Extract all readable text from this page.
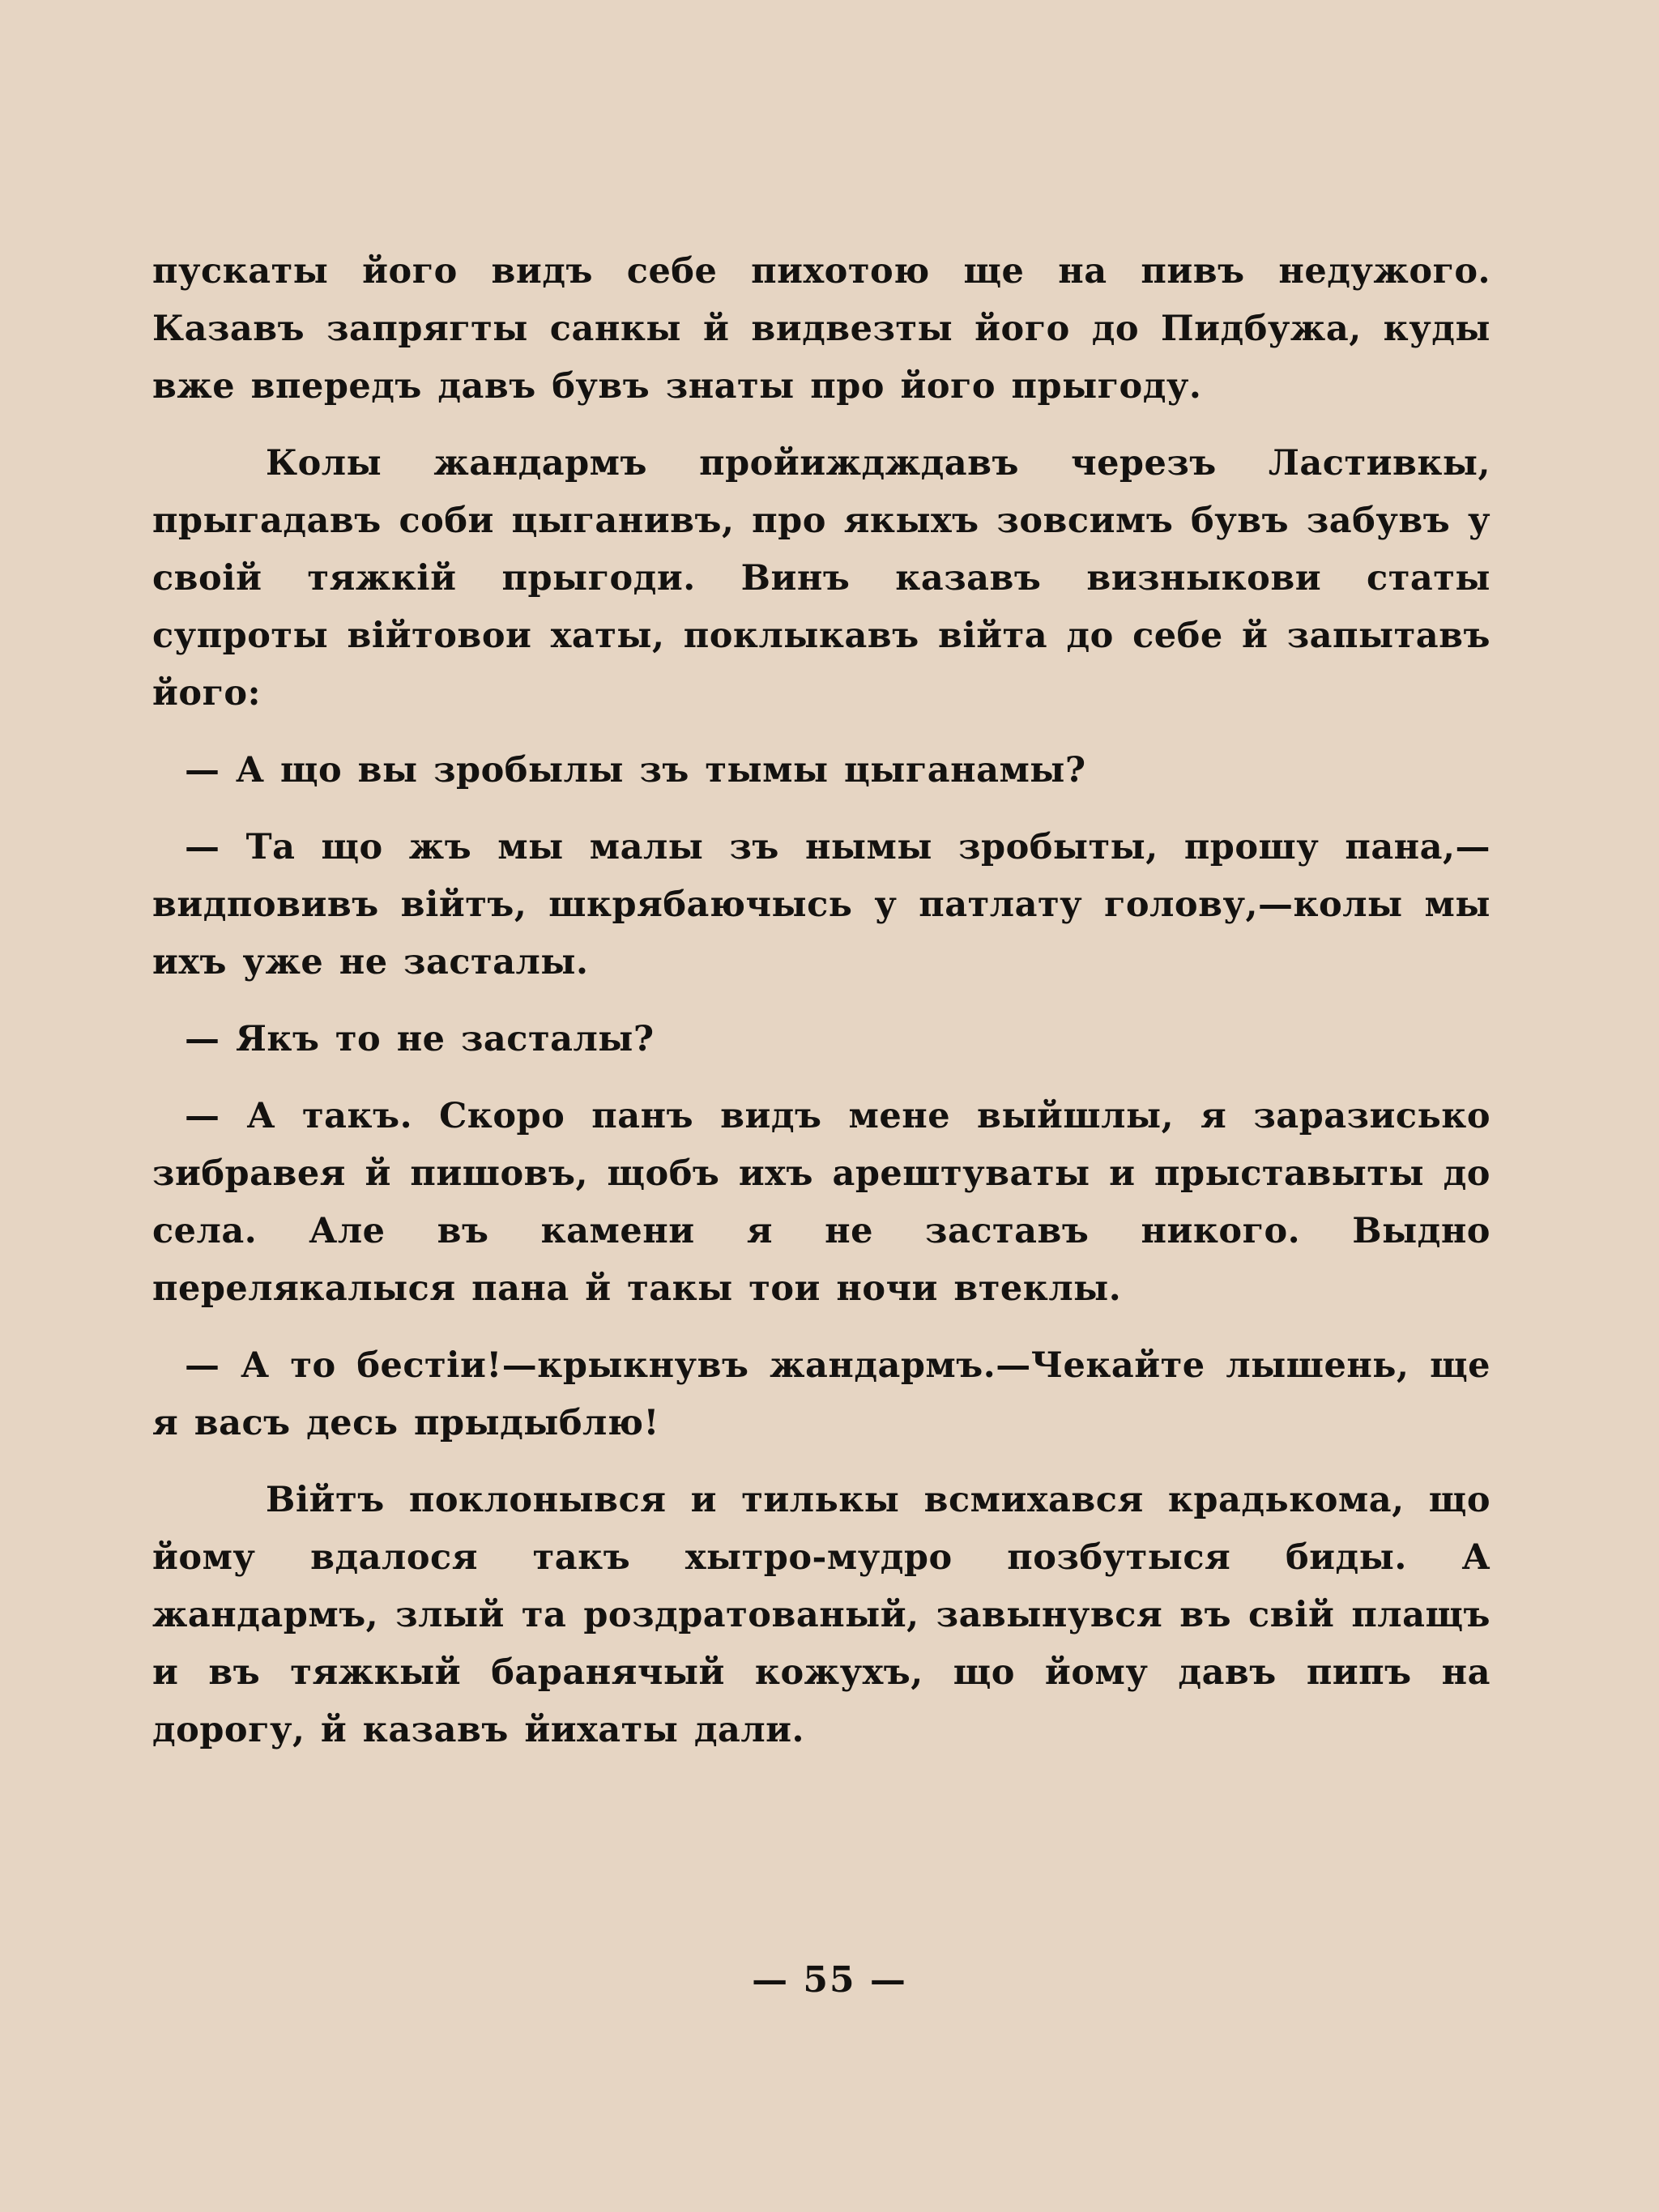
пускаты його видъ себе пихотою ще на пивъ недужого. Казавъ запрягты санкы й видвезты його до Пидбужа, куды вже впередъ давъ бувъ знаты про його прыгоду.

Колы жандармъ пройиждждавъ черезъ Ластивкы, прыгадавъ соби цыганивъ, про якыхъ зовсимъ бувъ забувъ у своій тяжкій прыгоди. Винъ казавъ визныкови статы супроты війтовои хаты, поклыкавъ війта до себе й запытавъ його:

— А що вы зробылы зъ тымы цыганамы?

— Та що жъ мы малы зъ нымы зробыты, прошу пана,—видповивъ війтъ, шкрябаючысь у патлату голову,—колы мы ихъ уже не засталы.

— Якъ то не засталы?

— А такъ. Скоро панъ видъ мене выйшлы, я заразисько зибравея й пишовъ, щобъ ихъ арештуваты и прыставыты до села. Але въ камени я не заставъ никого. Выдно перелякалыся пана й такы тои ночи втеклы.

— А то бестіи!—крыкнувъ жандармъ.—Чекайте лышень, ще я васъ десь прыдыблю!

Війтъ поклонывся и тилькы всмихався крадькома, що йому вдалося такъ хытро-мудро позбутыся биды. А жандармъ, злый та роздратованый, завынувся въ свій плащъ и въ тяжкый баранячый кожухъ, що йому давъ пипъ на дорогу, й казавъ йихаты дали.

— 55 —
